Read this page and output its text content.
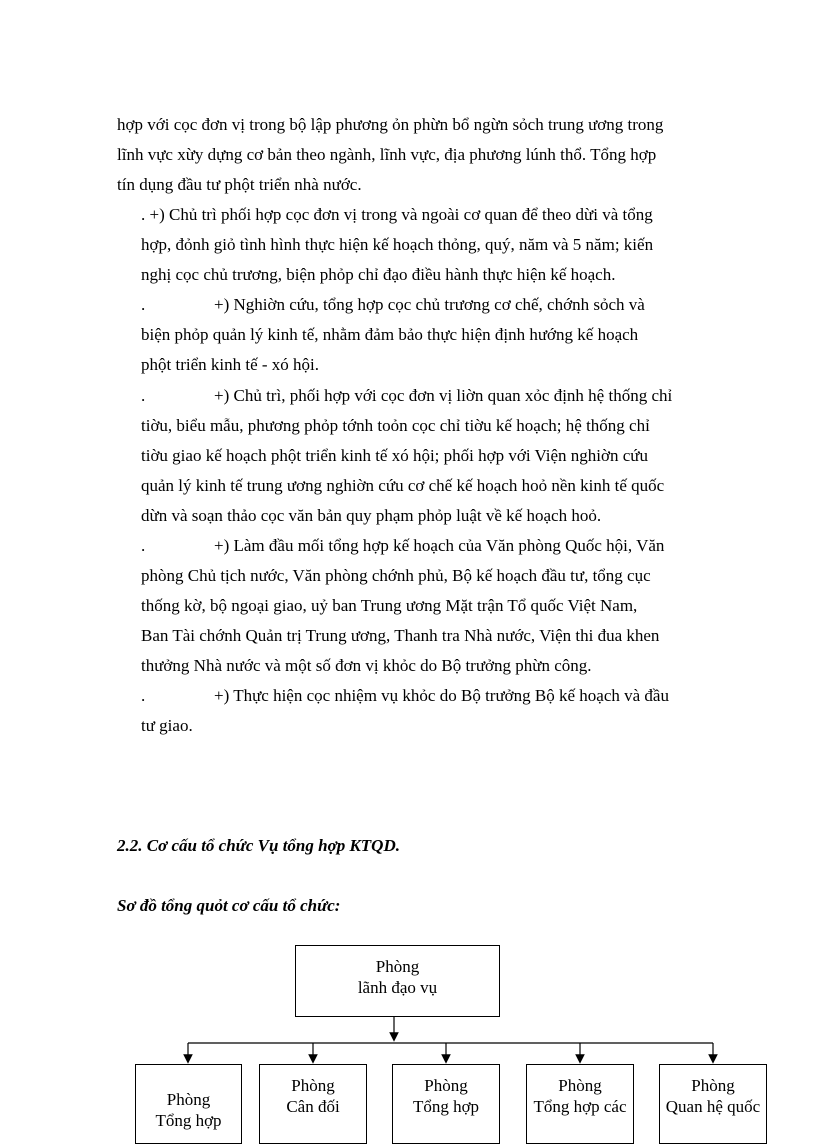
hợp với cọc đơn vị trong bộ lập phương ỏn phừn bổ ngừn sỏch trung ương trong
lĩnh vực xừy dựng cơ bản theo ngành, lĩnh vực, địa phương lúnh thổ. Tổng hợp
tín dụng đầu tư phột triển nhà nước.
. +) Chủ trì phối hợp cọc đơn vị trong và ngoài cơ quan để theo dừi và tổng
hợp, đỏnh giỏ tình hình thực hiện kế hoạch thỏng, quý, năm và 5 năm; kiến
nghị cọc chủ trương, biện phỏp chỉ đạo điều hành thực hiện kế hoạch.
.	+) Nghiờn cứu, tổng hợp cọc chủ trương cơ chế, chớnh sỏch và
biện phỏp quản lý kinh tế, nhằm đảm bảo thực hiện định hướng kế hoạch
phột triển kinh tế - xó hội.
.	+) Chủ trì, phối hợp với cọc đơn vị liờn quan xỏc định hệ thống chỉ
tiờu, biểu mẫu, phương phỏp tớnh toỏn cọc chỉ tiờu kế hoạch; hệ thống chỉ
tiờu giao kế hoạch phột triển kinh tế xó hội; phối hợp với Viện nghiờn cứu
quản lý kinh tế trung ương nghiờn cứu cơ chế kế hoạch hoỏ nền kinh tế quốc
dừn và soạn thảo cọc văn bản quy phạm phỏp luật về kế hoạch hoỏ.
.	+) Làm đầu mối tổng hợp kế hoạch của Văn phòng Quốc hội, Văn
phòng Chủ tịch nước, Văn phòng chớnh phủ, Bộ kế hoạch đầu tư, tổng cục
thống kờ, bộ ngoại giao, uỷ ban Trung ương Mặt trận Tổ quốc Việt Nam,
Ban Tài chớnh Quản trị Trung ương, Thanh tra Nhà nước, Viện thi đua khen
thưởng Nhà nước và một số đơn vị khỏc do Bộ trưởng phừn công.
.	+) Thực hiện cọc nhiệm vụ khỏc do Bộ trưởng Bộ kế hoạch và đầu
tư giao.
2.2. Cơ cấu tổ chức Vụ tổng hợp KTQD.
Sơ đồ tổng quỏt cơ cấu tổ chức:
Phòng
lãnh đạo vụ
Phòng
Tổng hợp
Phòng
Cân đối
Phòng
Tổng hợp
Phòng
Tổng hợp các
Phòng
Quan hệ quốc
